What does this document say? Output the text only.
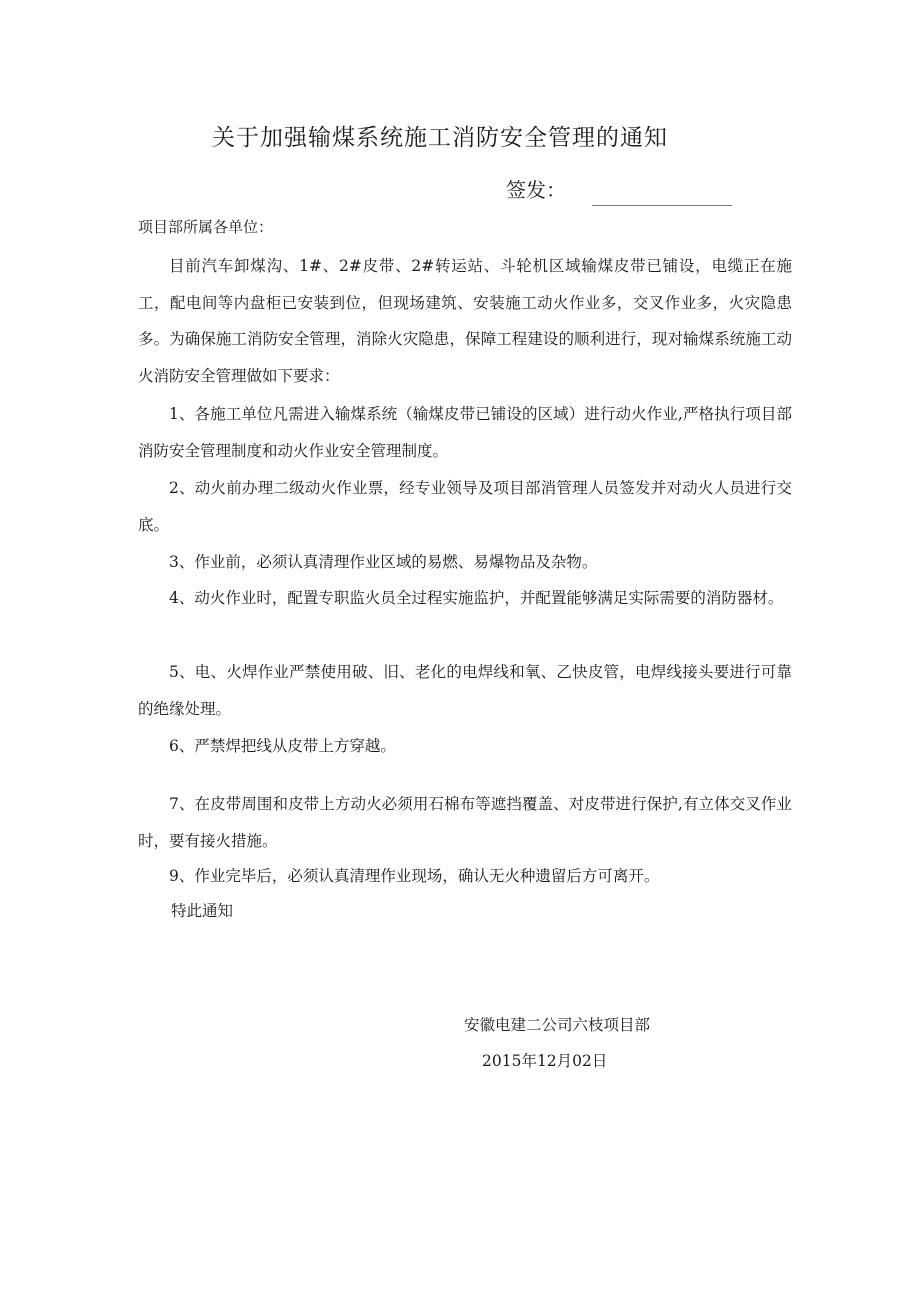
关于加强输煤系统施工消防安全管理的通知
签发：
项目部所属各单位：

目前汽车卸煤沟、1#、2#皮带、2#转运站、斗轮机区域输煤皮带已铺设，电缆正在施工，配电间等内盘柜已安装到位，但现场建筑、安装施工动火作业多，交叉作业多，火灾隐患多。为确保施工消防安全管理，消除火灾隐患，保障工程建设的顺利进行，现对输煤系统施工动火消防安全管理做如下要求：

1、各施工单位凡需进入输煤系统（输煤皮带已铺设的区域）进行动火作业,严格执行项目部消防安全管理制度和动火作业安全管理制度。

2、动火前办理二级动火作业票，经专业领导及项目部消管理人员签发并对动火人员进行交底。

3、作业前，必须认真清理作业区域的易燃、易爆物品及杂物。

4、动火作业时，配置专职监火员全过程实施监护，并配置能够满足实际需要的消防器材。

5、电、火焊作业严禁使用破、旧、老化的电焊线和氧、乙快皮管，电焊线接头要进行可靠的绝缘处理。

6、严禁焊把线从皮带上方穿越。

7、在皮带周围和皮带上方动火必须用石棉布等遮挡覆盖、对皮带进行保护,有立体交叉作业时，要有接火措施。

9、作业完毕后，必须认真清理作业现场，确认无火种遗留后方可离开。

特此通知
安徽电建二公司六枝项目部
2015年12月02日
